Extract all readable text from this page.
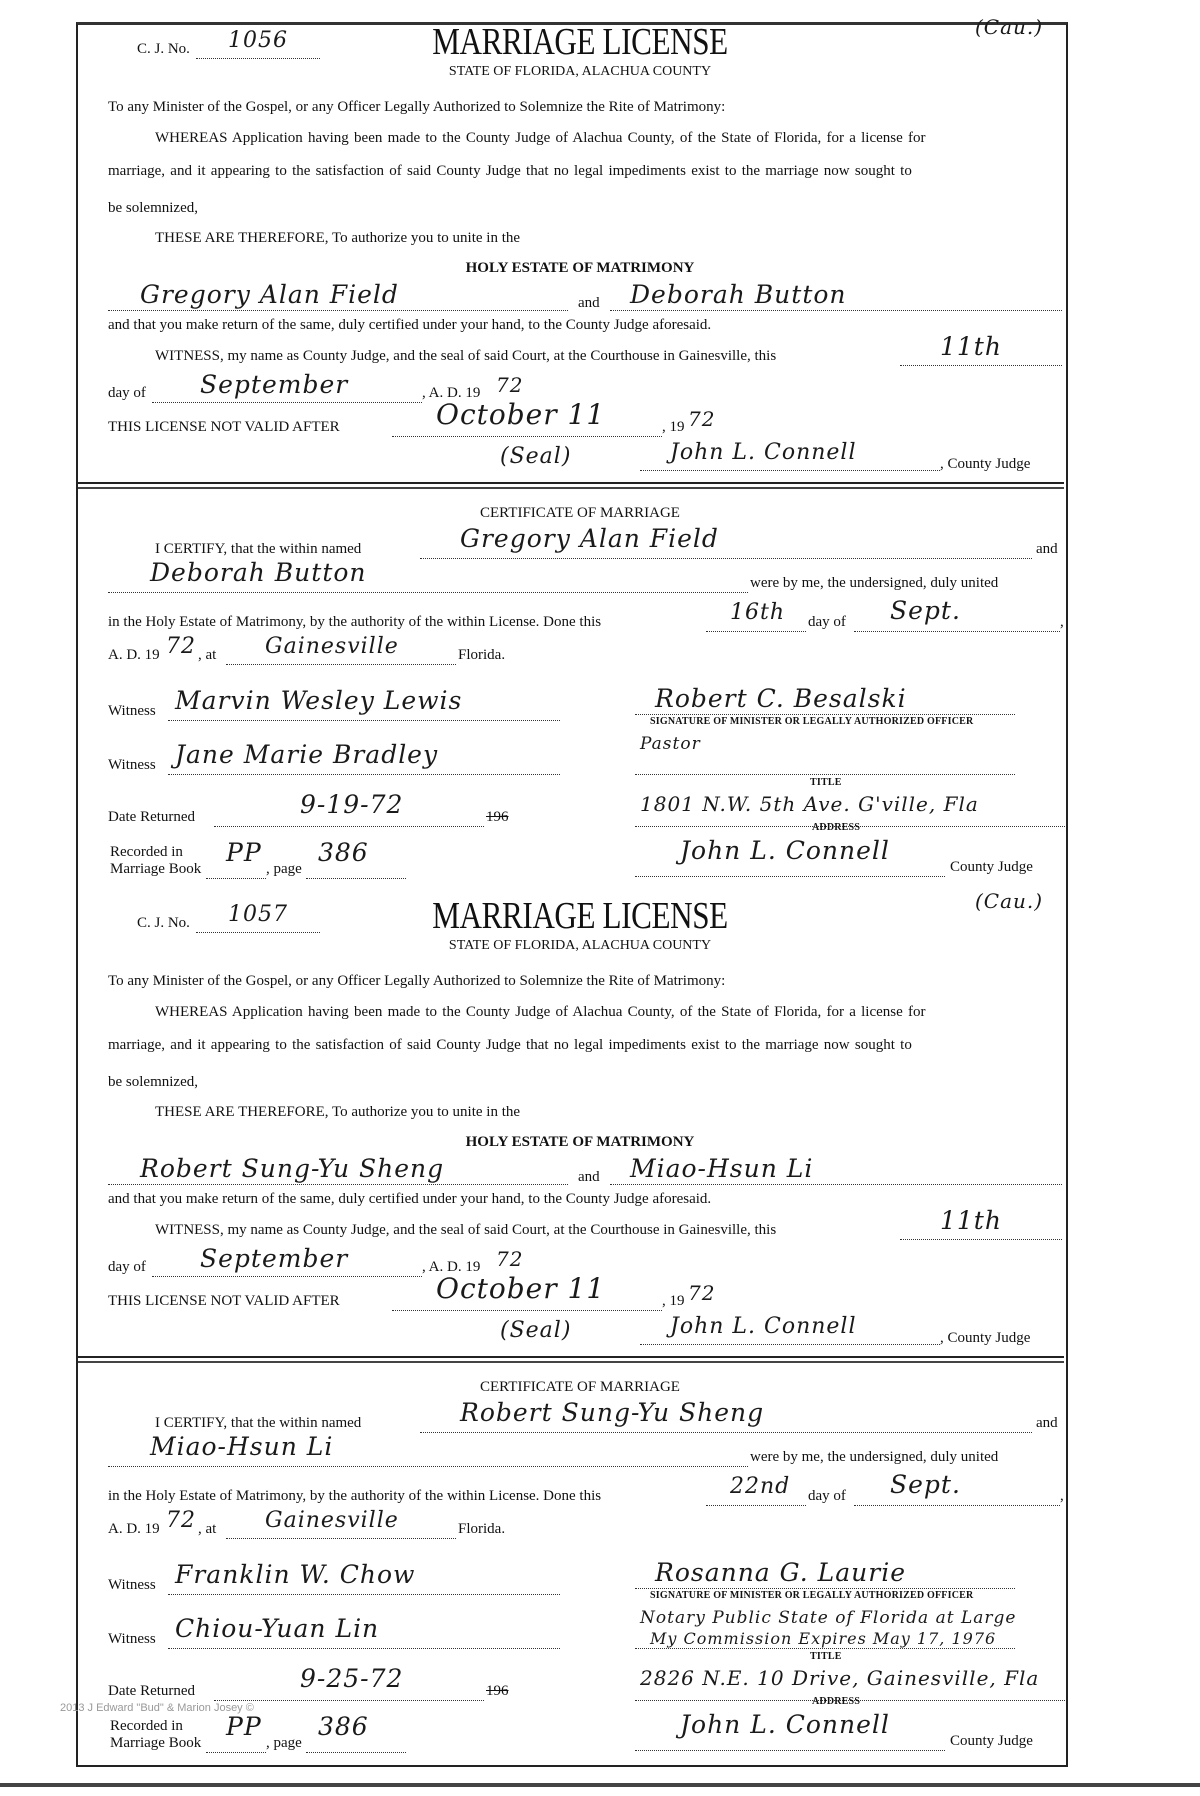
C. J. No. 1056	MARRIAGE LICENSE
STATE OF FLORIDA, ALACHUA COUNTY
(Cau.)
To any Minister of the Gospel, or any Officer Legally Authorized to Solemnize the Rite of Matrimony:
WHEREAS Application having been made to the County Judge of Alachua County, of the State of Florida, for a license for
marriage, and it appearing to the satisfaction of said County Judge that no legal impediments exist to the marriage now sought to
be solemnized,
THESE ARE THEREFORE, To authorize you to unite in the
HOLY ESTATE OF MATRIMONY
Gregory Alan Field	and Deborah Button
and that you make return of the same, duly certified under your hand, to the County Judge aforesaid.
WITNESS, my name as County Judge, and the seal of said Court, at the Courthouse in Gainesville, this	11th
day of September	, A. D. 19 72
THIS LICENSE NOT VALID AFTER	October 11	, 19 72
(Seal)	John L. Connell	, County Judge
CERTIFICATE OF MARRIAGE
I CERTIFY, that the within named	Gregory Alan Field	and
Deborah Button	were by me, the undersigned, duly united
in the Holy Estate of Matrimony, by the authority of the within License. Done this	16th day of Sept.	,
A. D. 19 72 , at Gainesville	Florida.
Witness Marvin Wesley Lewis	Robert C. Besalski
SIGNATURE OF MINISTER OR LEGALLY AUTHORIZED OFFICER
Witness Jane Marie Bradley	Pastor
TITLE
Date Returned	9-19-72	196
1801 N.W. 5th Ave. G'ville, Fla
ADDRESS
Recorded in
Marriage Book
PP
, page
386	John L. Connell
County Judge
C. J. No. 1057	MARRIAGE LICENSE
STATE OF FLORIDA, ALACHUA COUNTY
(Cau.)
To any Minister of the Gospel, or any Officer Legally Authorized to Solemnize the Rite of Matrimony:
WHEREAS Application having been made to the County Judge of Alachua County, of the State of Florida, for a license for
marriage, and it appearing to the satisfaction of said County Judge that no legal impediments exist to the marriage now sought to
be solemnized,
THESE ARE THEREFORE, To authorize you to unite in the
HOLY ESTATE OF MATRIMONY
Robert Sung-Yu Sheng	and Miao-Hsun Li
and that you make return of the same, duly certified under your hand, to the County Judge aforesaid.
WITNESS, my name as County Judge, and the seal of said Court, at the Courthouse in Gainesville, this	11th
day of September	, A. D. 19 72
THIS LICENSE NOT VALID AFTER	October 11	, 19 72
(Seal)	John L. Connell	, County Judge
CERTIFICATE OF MARRIAGE
I CERTIFY, that the within named	Robert Sung-Yu Sheng	and
Miao-Hsun Li	were by me, the undersigned, duly united
in the Holy Estate of Matrimony, by the authority of the within License. Done this	22nd day of Sept.	,
A. D. 19 72 , at Gainesville	Florida.
Witness Franklin W. Chow	Rosanna G. Laurie
SIGNATURE OF MINISTER OR LEGALLY AUTHORIZED OFFICER
Witness Chiou-Yuan Lin	Notary Public State of Florida at Large
My Commission Expires May 17, 1976
TITLE
Date Returned	9-25-72	196
2826 N.E. 10 Drive, Gainesville, Fla
ADDRESS
Recorded in
Marriage Book
PP
, page
386	John L. Connell
County Judge
2013 J Edward "Bud" & Marion Josey ©
